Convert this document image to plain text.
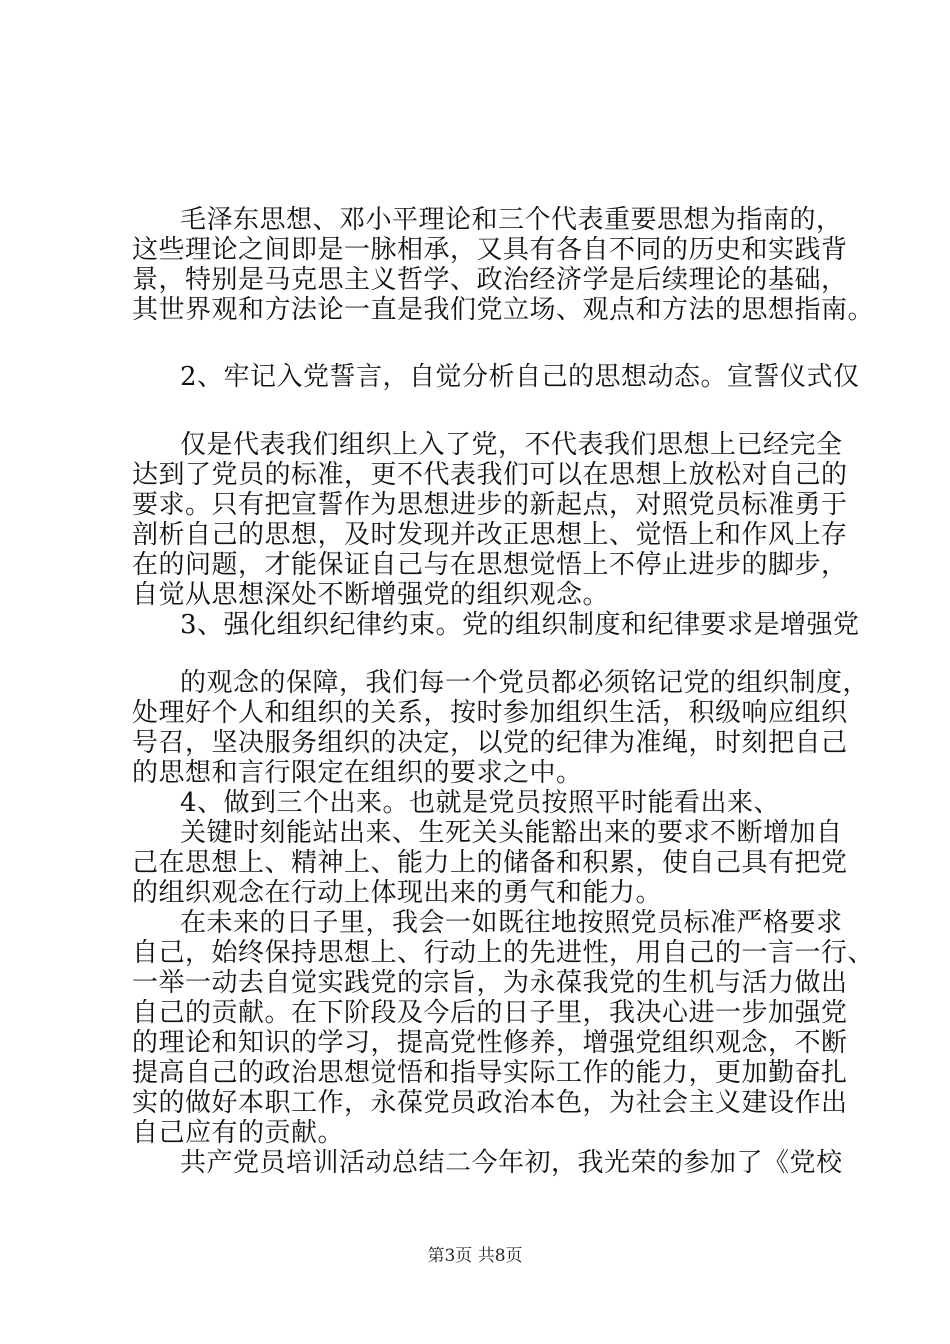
毛泽东思想、邓小平理论和三个代表重要思想为指南的，
这些理论之间即是一脉相承，又具有各自不同的历史和实践背
景，特别是马克思主义哲学、政治经济学是后续理论的基础，
其世界观和方法论一直是我们党立场、观点和方法的思想指南。
2、牢记入党誓言，自觉分析自己的思想动态。宣誓仪式仅
仅是代表我们组织上入了党，不代表我们思想上已经完全
达到了党员的标准，更不代表我们可以在思想上放松对自己的
要求。只有把宣誓作为思想进步的新起点，对照党员标准勇于
剖析自己的思想，及时发现并改正思想上、觉悟上和作风上存
在的问题，才能保证自己与在思想觉悟上不停止进步的脚步，
自觉从思想深处不断增强党的组织观念。
3、强化组织纪律约束。党的组织制度和纪律要求是增强党
的观念的保障，我们每一个党员都必须铭记党的组织制度，
处理好个人和组织的关系，按时参加组织生活，积级响应组织
号召，坚决服务组织的决定，以党的纪律为准绳，时刻把自己
的思想和言行限定在组织的要求之中。
4、做到三个出来。也就是党员按照平时能看出来、
关键时刻能站出来、生死关头能豁出来的要求不断增加自
己在思想上、精神上、能力上的储备和积累，使自己具有把党
的组织观念在行动上体现出来的勇气和能力。
在未来的日子里，我会一如既往地按照党员标准严格要求
自己，始终保持思想上、行动上的先进性，用自己的一言一行、
一举一动去自觉实践党的宗旨，为永葆我党的生机与活力做出
自己的贡献。在下阶段及今后的日子里，我决心进一步加强党
的理论和知识的学习，提高党性修养，增强党组织观念，不断
提高自己的政治思想觉悟和指导实际工作的能力，更加勤奋扎
实的做好本职工作，永葆党员政治本色，为社会主义建设作出
自己应有的贡献。
共产党员培训活动总结二今年初，我光荣的参加了《党校
第3页 共8页
